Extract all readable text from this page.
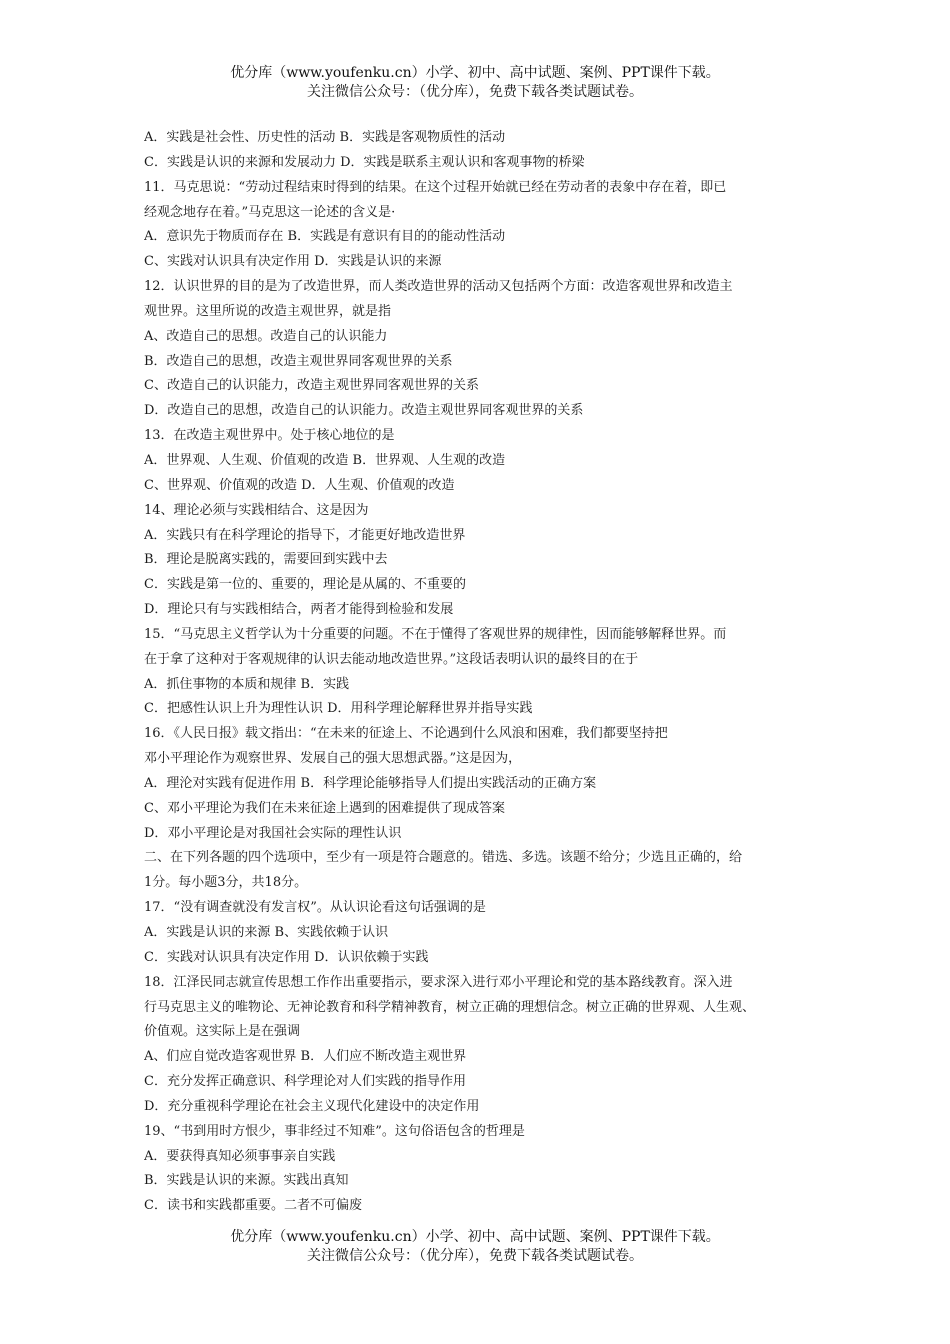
优分库（www.youfenku.cn）小学、初中、高中试题、案例、PPT课件下载。
关注微信公众号：（优分库），免费下载各类试题试卷。
A．实践是社会性、历史性的活动 B．实践是客观物质性的活动
C．实践是认识的来源和发展动力 D．实践是联系主观认识和客观事物的桥梁
11．马克思说：“劳动过程结束时得到的结果。在这个过程开始就已经在劳动者的表象中存在着，即已
经观念地存在着。”马克思这一论述的含义是·
A．意识先于物质而存在 B．实践是有意识有目的的能动性活动
C、实践对认识具有决定作用 D．实践是认识的来源
12．认识世界的目的是为了改造世界，而人类改造世界的活动又包括两个方面：改造客观世界和改造主
观世界。这里所说的改造主观世界，就是指
A、改造自己的思想。改造自己的认识能力
B．改造自己的思想，改造主观世界同客观世界的关系
C、改造自己的认识能力，改造主观世界同客观世界的关系
D．改造自己的思想，改造自己的认识能力。改造主观世界同客观世界的关系
13．在改造主观世界中。处于核心地位的是
A．世界观、人生观、价值观的改造 B．世界观、人生观的改造
C、世界观、价值观的改造 D．人生观、价值观的改造
14、理论必须与实践相结合、这是因为
A．实践只有在科学理论的指导下，才能更好地改造世界
B．理论是脱离实践的，需要回到实践中去
C．实践是第一位的、重要的，理论是从属的、不重要的
D．理论只有与实践相结合，两者才能得到检验和发展
15．“马克思主义哲学认为十分重要的问题。不在于懂得了客观世界的规律性，因而能够解释世界。而
在于拿了这种对于客观规律的认识去能动地改造世界。”这段话表明认识的最终目的在于
A．抓住事物的本质和规律 B．实践
C．把感性认识上升为理性认识 D．用科学理论解释世界并指导实践
16．《人民日报》载文指出：“在未来的征途上、不论遇到什么风浪和困难，我们都要坚持把
邓小平理论作为观察世界、发展自己的强大思想武器。”这是因为，
A．理沦对实践有促进作用 B．科学理论能够指导人们提出实践活动的正确方案
C、邓小平理论为我们在未来征途上遇到的困难提供了现成答案
D．邓小平理论是对我国社会实际的理性认识
二、在下列各题的四个选项中，至少有一项是符合题意的。错选、多选。该题不给分；少选且正确的，给
1分。每小题3分，共18分。
17．“没有调查就没有发言权”。从认识论看这句话强调的是
A．实践是认识的来源 B、实践依赖于认识
C．实践对认识具有决定作用 D．认识依赖于实践
18．江泽民同志就宣传思想工作作出重要指示，要求深入进行邓小平理论和党的基本路线教育。深入进
行马克思主义的唯物论、无神论教育和科学精神教育，树立正确的理想信念。树立正确的世界观、人生观、
价值观。这实际上是在强调
A、们应自觉改造客观世界 B．人们应不断改造主观世界
C．充分发挥正确意识、科学理论对人们实践的指导作用
D．充分重视科学理论在社会主义现代化建设中的决定作用
19、“书到用时方恨少，事非经过不知难”。这句俗语包含的哲理是
A．要获得真知必须事事亲自实践
B．实践是认识的来源。实践出真知
C．读书和实践都重要。二者不可偏废
优分库（www.youfenku.cn）小学、初中、高中试题、案例、PPT课件下载。
关注微信公众号：（优分库），免费下载各类试题试卷。
